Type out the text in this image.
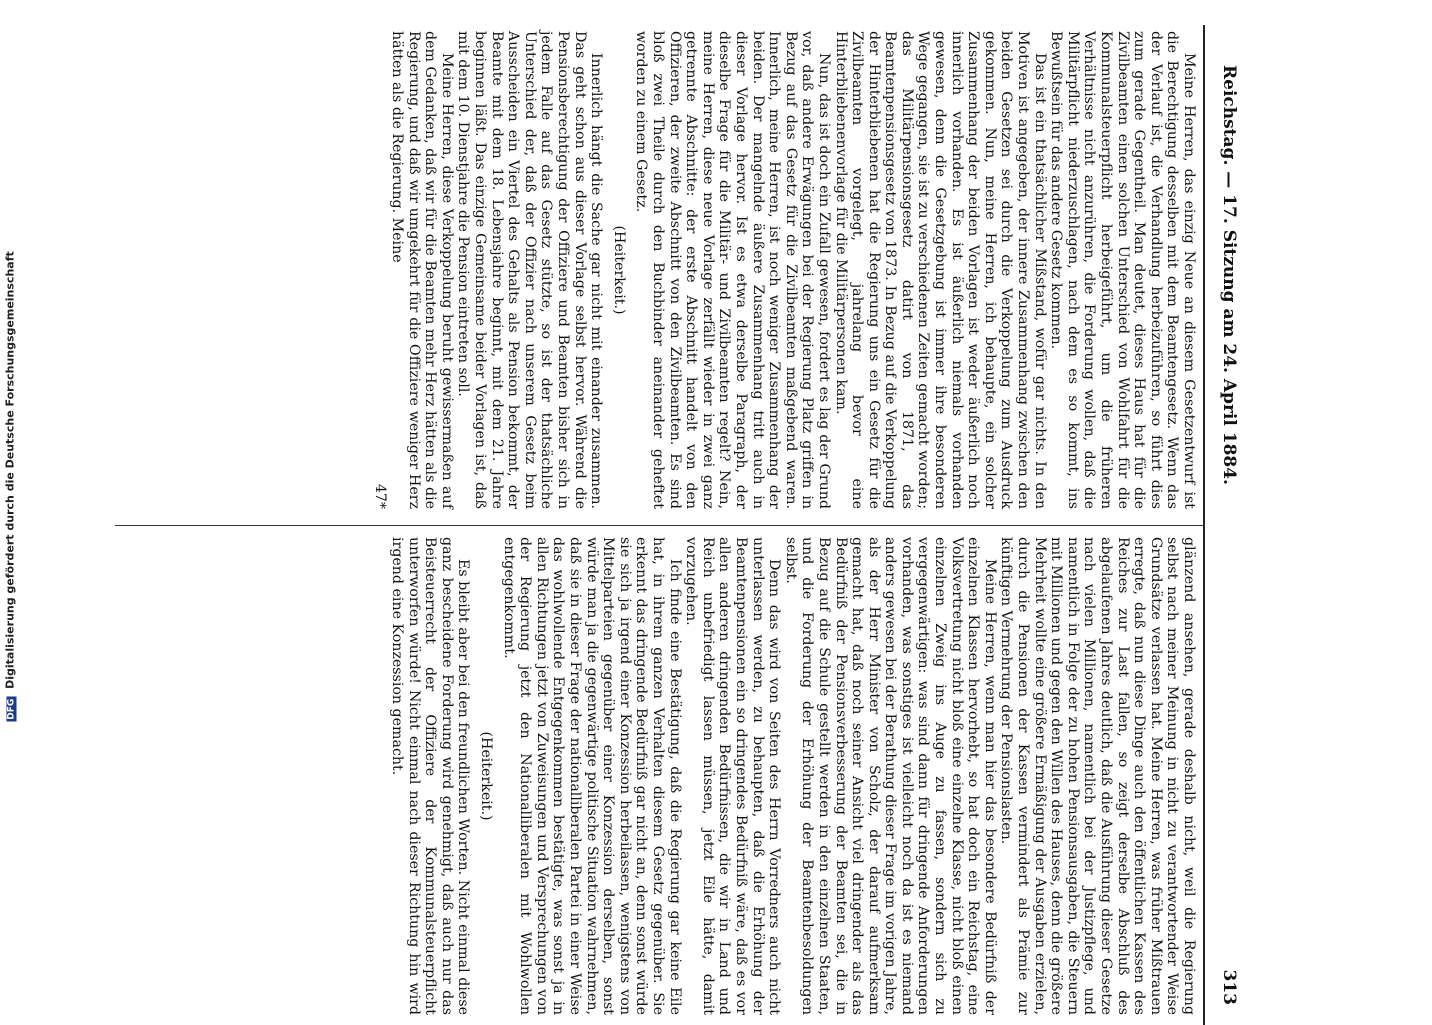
Reichstag. — 17. Sitzung am 24. April 1884.
313

Meine Herren, das einzig Neue an diesem Gesetzentwurf ist die Berechtigung desselben mit dem Beamtengesetz. Wenn das der Verlauf ist, die Verhandlung herbeizuführen, so führt dies zum gerade Gegentheil. Man deutet, dieses Haus hat für die Zivilbeamten einen solchen Unterschied von Wohlfahrt für die Kommunalsteuerpflicht herbeigeführt, um die früheren Verhältnisse nicht anzurühren, die Forderung wollen, daß die Militärpflicht niederzuschlagen, nach dem es so kommt, ins Bewußtsein für das andere Gesetz kommen.

Das ist ein thatsächlicher Mißstand, wofür gar nichts. In den Motiven ist angegeben, der innere Zusammenhang zwischen den beiden Gesetzen sei durch die Verkoppelung zum Ausdruck gekommen. Nun, meine Herren, ich behaupte, ein solcher Zusammenhang der beiden Vorlagen ist weder äußerlich noch innerlich vorhanden. Es ist äußerlich niemals vorhanden gewesen, denn die Gesetzgebung ist immer ihre besonderen Wege gegangen, sie ist zu verschiedenen Zeiten gemacht worden; das Militärpensionsgesetz datirt von 1871, das Beamtenpensionsgesetz von 1873. In Bezug auf die Verkoppelung der Hinterbliebenen hat die Regierung uns ein Gesetz für die Zivilbeamten vorgelegt, jahrelang bevor eine Hinterbliebenenvorlage für die Militärpersonen kam.

Nun, das ist doch ein Zufall gewesen, fordert es lag der Grund vor, daß andere Erwägungen bei der Regierung Platz griffen in Bezug auf das Gesetz für die Zivilbeamten maßgebend waren. Innerlich, meine Herren, ist noch weniger Zusammenhang der beiden. Der mangelnde äußere Zusammenhang tritt auch in dieser Vorlage hervor. Ist es etwa derselbe Paragraph, der dieselbe Frage für die Militär- und Zivilbeamten regelt? Nein, meine Herren, diese neue Vorlage zerfällt wieder in zwei ganz getrennte Abschnitte: der erste Abschnitt handelt von den Offizieren, der zweite Abschnitt von den Zivilbeamten. Es sind bloß zwei Theile durch den Buchbinder aneinander geheftet worden zu einem Gesetz.

(Heiterkeit.)

Innerlich hängt die Sache gar nicht mit einander zusammen. Das geht schon aus dieser Vorlage selbst hervor. Während die Pensionsberechtigung der Offiziere und Beamten bisher sich in jedem Falle auf das Gesetz stützte, so ist der thatsächliche Unterschied der, daß der Offizier nach unserem Gesetz beim Ausscheiden ein Viertel des Gehalts als Pension bekommt, der Beamte mit dem 18. Lebensjahre beginnt, mit dem 21. Jahre beginnen läßt. Das einzige Gemeinsame beider Vorlagen ist, daß mit dem 10. Dienstjahre die Pension eintreten soll.

Meine Herren, diese Verkoppelung beruht gewissermaßen auf dem Gedanken, daß wir für die Beamten mehr Herz hätten als die Regierung, und daß wir umgekehrt für die Offiziere weniger Herz hätten als die Regierung. Meine

47*

glänzend ansehen, gerade deshalb nicht, weil die Regierung selbst nach meiner Meinung in nicht zu verantwortender Weise Grundsätze verlassen hat. Meine Herren, was früher Mißtrauen erregte, daß nun diese Dinge auch den öffentlichen Kassen des Reiches zur Last fallen, so zeigt derselbe Abschluß des abgelaufenen Jahres deutlich, daß die Ausführung dieser Gesetze nach vielen Millionen, namentlich bei der Justizpflege, und namentlich in Folge der zu hohen Pensionsausgaben, die Steuern mit Millionen und gegen den Willen des Hauses, denn die größere Mehrheit wollte eine größere Ermäßigung der Ausgaben erzielen, durch die Pensionen der Kassen vermindert als Prämie zur künftigen Vermehrung der Pensionslasten.

Meine Herren, wenn man hier das besondere Bedürfniß der einzelnen Klassen hervorhebt, so hat doch ein Reichstag, eine Volksvertretung nicht bloß eine einzelne Klasse, nicht bloß einen einzelnen Zweig ins Auge zu fassen, sondern sich zu vergegenwärtigen: was sind dann für dringende Anforderungen vorhanden, was sonstiges ist vielleicht noch da ist es niemand anders gewesen bei der Berathung dieser Frage im vorigen Jahre, als der Herr Minister von Scholz, der darauf aufmerksam gemacht hat, daß noch seiner Ansicht viel dringender als das Bedürfniß der Pensionsverbesserung der Beamten sei, die in Bezug auf die Schule gestellt werden in den einzelnen Staaten, und die Forderung der Erhöhung der Beamtenbesoldungen selbst.

Denn das wird von Seiten des Herrn Vorredners auch nicht unterlassen werden, zu behaupten, daß die Erhöhung der Beamtenpensionen ein so dringendes Bedürfniß wäre, daß es vor allen anderen dringenden Bedürfnissen, die wir in Land und Reich unbefriedigt lassen müssen, jetzt Eile hätte, damit vorzugehen.

Ich finde eine Bestätigung, daß die Regierung gar keine Eile hat, in ihrem ganzen Verhalten diesem Gesetz gegenüber. Sie erkennt das dringende Bedürfniß gar nicht an, denn sonst würde sie sich ja irgend einer Konzession herbeilassen, wenigstens von Mittelparteien gegenüber einer Konzession derselben, sonst würde man ja die gegenwärtige politische Situation wahrnehmen, daß sie in dieser Frage der nationalliberalen Partei in einer Weise das wohlwollende Entgegenkommen bestätigte, was sonst ja in allen Richtungen jetzt von Zuweisungen und Versprechungen von der Regierung jetzt den Nationalliberalen mit Wohlwollen entgegenkommt.

(Heiterkeit.)

Es bleibt aber bei den freundlichen Worten. Nicht einmal diese ganz bescheidene Forderung wird genehmigt, daß auch nur das Beisteuerrecht der Offiziere der Kommunalsteuerpflicht unterworfen würde! Nicht einmal nach dieser Richtung hin wird irgend eine Konzession gemacht.

DFG Digitalisierung gefördert durch die Deutsche Forschungsgemeinschaft
